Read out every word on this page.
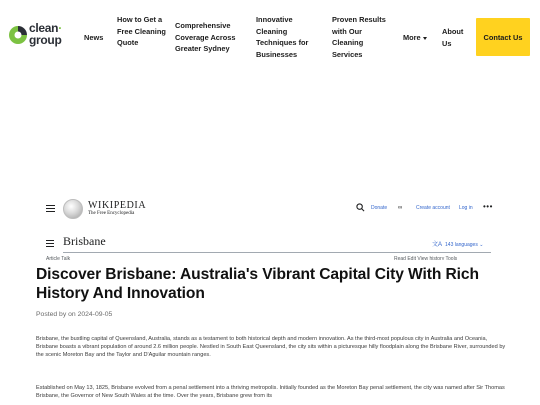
clean·
group	News
How to Get a Free Cleaning Quote
Comprehensive Coverage Across Greater Sydney
Innovative Cleaning Techniques for Businesses
Proven Results with Our Cleaning Services
More
About Us
Contact Us
WIKIPEDIA
The Free Encyclopedia
Donate ∞	Create account Log in •••
Brisbane	文A 143 languages ⌄
Article Talk	Read Edit View history Tools
Discover Brisbane: Australia's Vibrant Capital City With Rich History And Innovation
Posted by on 2024-09-05

Brisbane, the bustling capital of Queensland, Australia, stands as a testament to both historical depth and modern innovation. As the third-most populous city in Australia and Oceania, Brisbane boasts a vibrant population of around 2.6 million people. Nestled in South East Queensland, the city sits within a picturesque hilly floodplain along the Brisbane River, surrounded by the scenic Moreton Bay and the Taylor and D'Aguilar mountain ranges.

Established on May 13, 1825, Brisbane evolved from a penal settlement into a thriving metropolis. Initially founded as the Moreton Bay penal settlement, the city was named after Sir Thomas Brisbane, the Governor of New South Wales at the time. Over the years, Brisbane grew from its
